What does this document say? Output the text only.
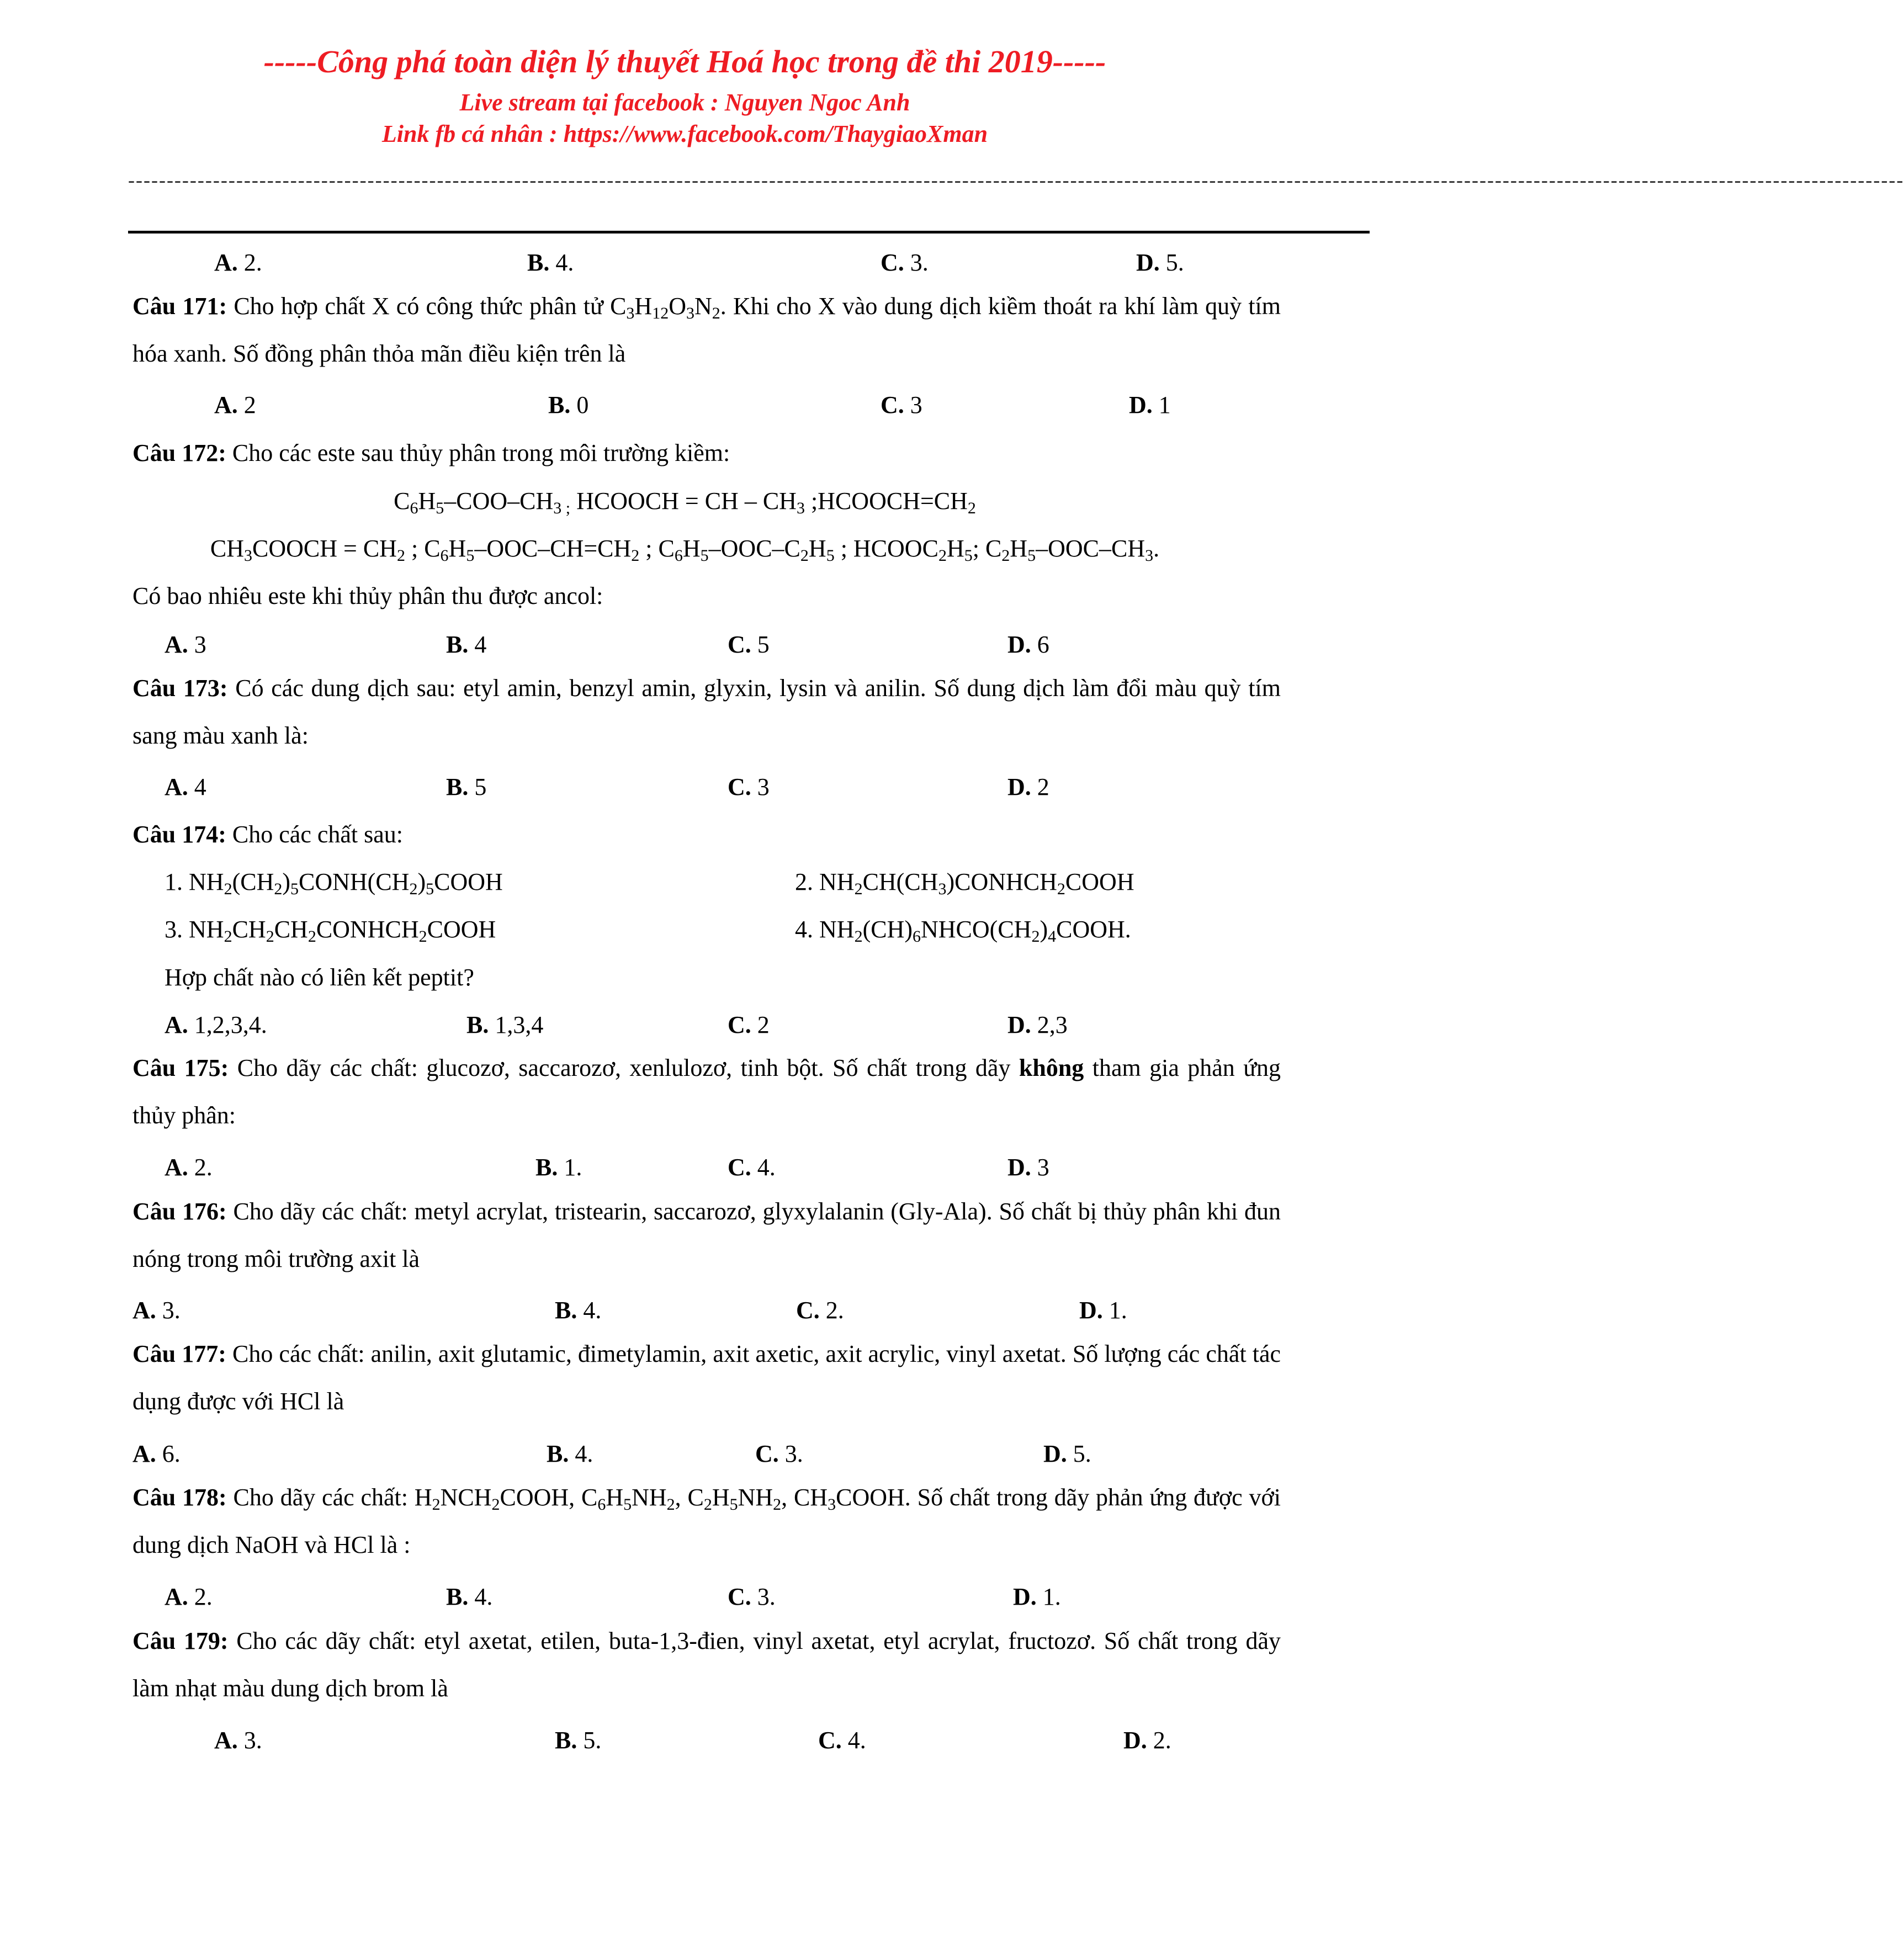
-----Công phá toàn diện lý thuyết Hoá học trong đề thi 2019-----
Live stream tại facebook : Nguyen Ngoc Anh
Link fb cá nhân : https://www.facebook.com/ThaygiaoXman
--------------------------------------------------------------------------------------------------------------------------------------------------------------------------------------------------------------------------------------
A. 2.	B. 4.	C. 3.	D. 5.
Câu 171: Cho hợp chất X có công thức phân tử $C_3H_{12}O_3N_2$. Khi cho X vào dung dịch kiềm thoát ra khí làm quỳ tím hóa xanh. Số đồng phân thỏa mãn điều kiện trên là
A. 2	B. 0	C. 3	D. 1
Câu 172: Cho các este sau thủy phân trong môi trường kiềm:
$C_6H_5-COO-CH_{3 ;}$ HCOOCH = CH – $CH_3$ $;HCOOCH=CH_2$
$CH_3COOCH = CH_2$ ; $C_6H_5-OOC-CH=CH_2$ ; $C_6H_5-OOC-C_2H_5$ ; $HCOOC_2H_5$; $C_2H_5-OOC-CH_3$.
Có bao nhiêu este khi thủy phân thu được ancol:
A. 3	B. 4	C. 5	D. 6
Câu 173: Có các dung dịch sau: etyl amin, benzyl amin, glyxin, lysin và anilin. Số dung dịch làm đổi màu quỳ tím sang màu xanh là:
A. 4	B. 5	C. 3	D. 2
Câu 174: Cho các chất sau:
1. $NH_2(CH_2)_5CONH(CH_2)_5COOH$	2. $NH_2CH(CH_3)CONHCH_2COOH$
3. $NH_2CH_2CH_2CONHCH_2COOH$	4. $NH_2(CH)_6NHCO(CH_2)_4COOH$.
Hợp chất nào có liên kết peptit?
A. 1,2,3,4.	B. 1,3,4	C. 2	D. 2,3
Câu 175: Cho dãy các chất: glucozơ, saccarozơ, xenlulozơ, tinh bột. Số chất trong dãy không tham gia phản ứng thủy phân:
A. 2.	B. 1.	C. 4.	D. 3
Câu 176: Cho dãy các chất: metyl acrylat, tristearin, saccarozơ, glyxylalanin (Gly-Ala). Số chất bị thủy phân khi đun nóng trong môi trường axit là
A. 3.	B. 4.	C. 2.	D. 1.
Câu 177: Cho các chất: anilin, axit glutamic, đimetylamin, axit axetic, axit acrylic, vinyl axetat. Số lượng các chất tác dụng được với HCl là
A. 6.	B. 4.	C. 3.	D. 5.
Câu 178: Cho dãy các chất: $H_2NCH_2COOH$, $C_6H_5NH_2$, $C_2H_5NH_2$, $CH_3COOH$. Số chất trong dãy phản ứng được với dung dịch NaOH và HCl là :
A. 2.	B. 4.	C. 3.	D. 1.
Câu 179: Cho các dãy chất: etyl axetat, etilen, buta-1,3-đien, vinyl axetat, etyl acrylat, fructozơ. Số chất trong dãy làm nhạt màu dung dịch brom là
A. 3.	B. 5.	C. 4.	D. 2.
